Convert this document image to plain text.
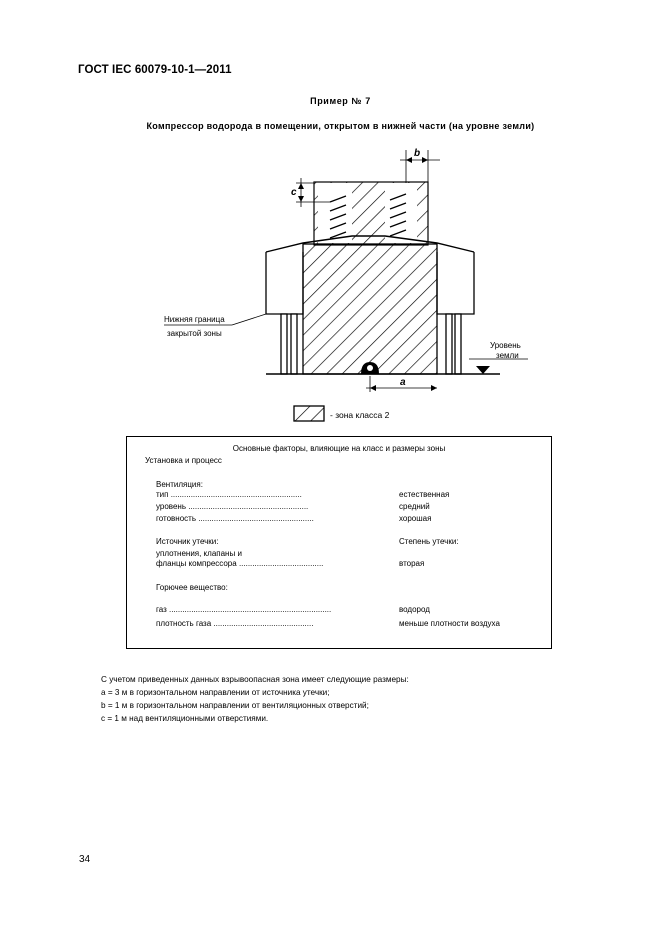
ГОСТ IEC 60079-10-1—2011
Пример № 7
Компрессор водорода в помещении, открытом в нижней части (на уровне земли)
b
c
а
Нижняя граница
закрытой зоны
Уровень
земли
- зона класса 2
Основные факторы, влияющие на класс и размеры зоны
Установка и процесс
Вентиляция:
тип ...........................................................	естественная
уровень ......................................................	средний
готовность ....................................................	хорошая
Источник утечки:	Степень утечки:
уплотнения, клапаны и
фланцы компрессора ......................................	вторая
Горючее вещество:
газ .........................................................................	водород
плотность газа .............................................	меньше плотности воздуха
С учетом приведенных данных взрывоопасная зона имеет следующие размеры:
а = 3 м в горизонтальном направлении от источника утечки;
b = 1 м в горизонтальном направлении от вентиляционных отверстий;
с = 1 м над вентиляционными отверстиями.
34
